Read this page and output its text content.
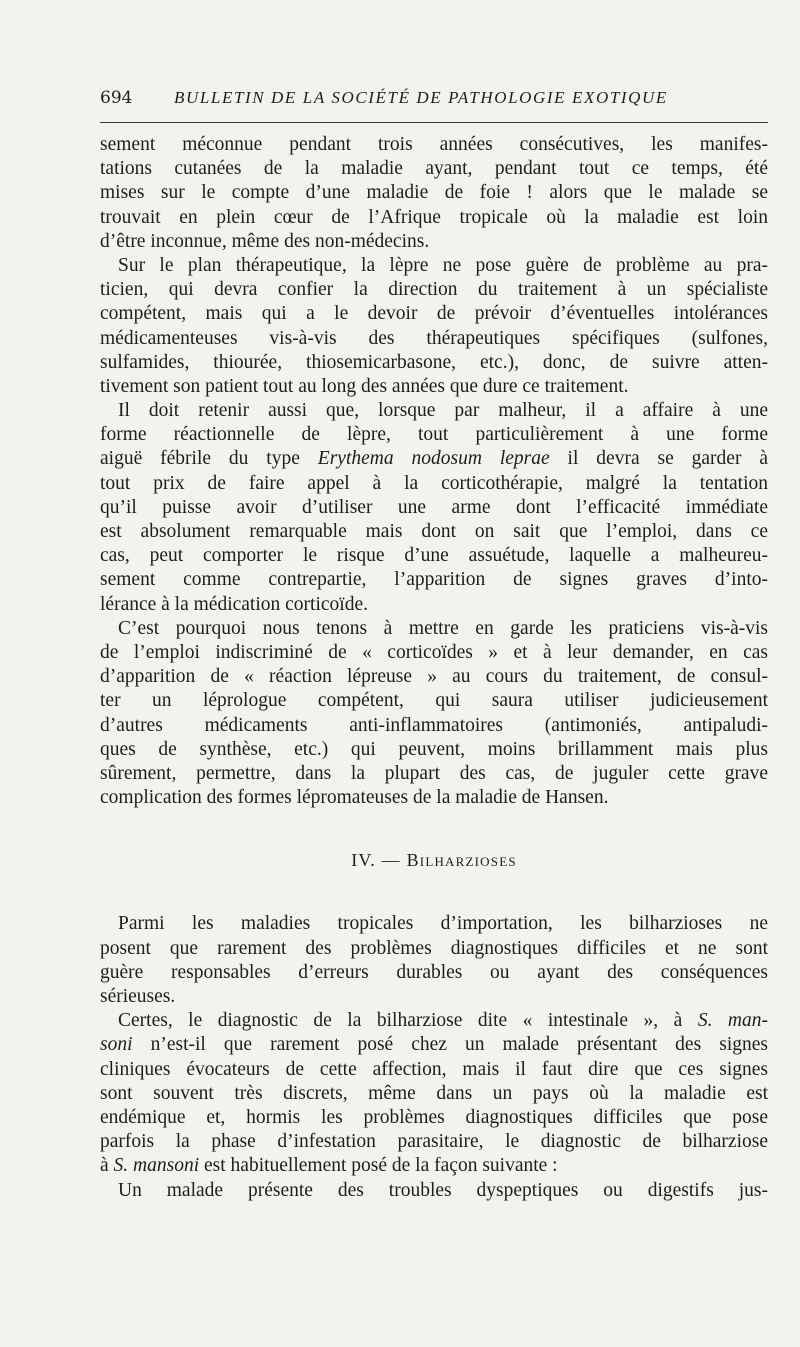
694	BULLETIN DE LA SOCIÉTÉ DE PATHOLOGIE EXOTIQUE
sement méconnue pendant trois années consécutives, les manifes-
tations cutanées de la maladie ayant, pendant tout ce temps, été
mises sur le compte d’une maladie de foie ! alors que le malade se
trouvait en plein cœur de l’Afrique tropicale où la maladie est loin
d’être inconnue, même des non-médecins.
Sur le plan thérapeutique, la lèpre ne pose guère de problème au pra-
ticien, qui devra confier la direction du traitement à un spécialiste
compétent, mais qui a le devoir de prévoir d’éventuelles intolérances
médicamenteuses vis-à-vis des thérapeutiques spécifiques (sulfones,
sulfamides, thiourée, thiosemicarbasone, etc.), donc, de suivre atten-
tivement son patient tout au long des années que dure ce traitement.
Il doit retenir aussi que, lorsque par malheur, il a affaire à une
forme réactionnelle de lèpre, tout particulièrement à une forme
aiguë fébrile du type Erythema nodosum leprae il devra se garder à
tout prix de faire appel à la corticothérapie, malgré la tentation
qu’il puisse avoir d’utiliser une arme dont l’efficacité immédiate
est absolument remarquable mais dont on sait que l’emploi, dans ce
cas, peut comporter le risque d’une assuétude, laquelle a malheureu-
sement comme contrepartie, l’apparition de signes graves d’into-
lérance à la médication corticoïde.
C’est pourquoi nous tenons à mettre en garde les praticiens vis-à-vis
de l’emploi indiscriminé de « corticoïdes » et à leur demander, en cas
d’apparition de « réaction lépreuse » au cours du traitement, de consul-
ter un léprologue compétent, qui saura utiliser judicieusement
d’autres médicaments anti-inflammatoires (antimoniés, antipaludi-
ques de synthèse, etc.) qui peuvent, moins brillamment mais plus
sûrement, permettre, dans la plupart des cas, de juguler cette grave
complication des formes lépromateuses de la maladie de Hansen.
IV. — Bilharzioses
Parmi les maladies tropicales d’importation, les bilharzioses ne
posent que rarement des problèmes diagnostiques difficiles et ne sont
guère responsables d’erreurs durables ou ayant des conséquences
sérieuses.
Certes, le diagnostic de la bilharziose dite « intestinale », à S. man-
soni n’est-il que rarement posé chez un malade présentant des signes
cliniques évocateurs de cette affection, mais il faut dire que ces signes
sont souvent très discrets, même dans un pays où la maladie est
endémique et, hormis les problèmes diagnostiques difficiles que pose
parfois la phase d’infestation parasitaire, le diagnostic de bilharziose
à S. mansoni est habituellement posé de la façon suivante :
Un malade présente des troubles dyspeptiques ou digestifs jus-
